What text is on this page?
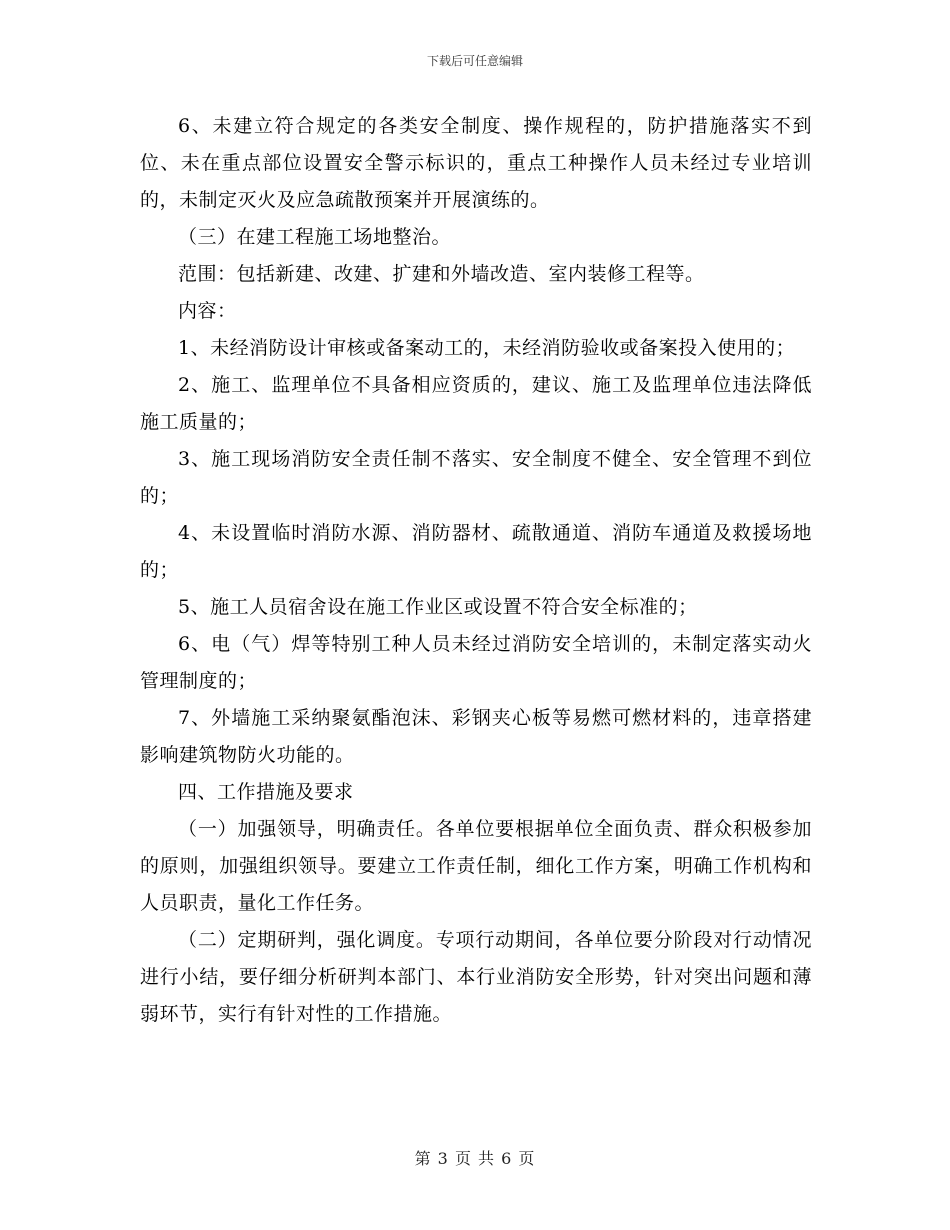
下载后可任意编辑

6、未建立符合规定的各类安全制度、操作规程的，防护措施落实不到位、未在重点部位设置安全警示标识的，重点工种操作人员未经过专业培训的，未制定灭火及应急疏散预案并开展演练的。

（三）在建工程施工场地整治。

范围：包括新建、改建、扩建和外墙改造、室内装修工程等。

内容：

1、未经消防设计审核或备案动工的，未经消防验收或备案投入使用的；

2、施工、监理单位不具备相应资质的，建议、施工及监理单位违法降低施工质量的；

3、施工现场消防安全责任制不落实、安全制度不健全、安全管理不到位的；

4、未设置临时消防水源、消防器材、疏散通道、消防车通道及救援场地的；

5、施工人员宿舍设在施工作业区或设置不符合安全标准的；

6、电（气）焊等特别工种人员未经过消防安全培训的，未制定落实动火管理制度的；

7、外墙施工采纳聚氨酯泡沫、彩钢夹心板等易燃可燃材料的，违章搭建影响建筑物防火功能的。

四、工作措施及要求

（一）加强领导，明确责任。各单位要根据单位全面负责、群众积极参加的原则，加强组织领导。要建立工作责任制，细化工作方案，明确工作机构和人员职责，量化工作任务。

（二）定期研判，强化调度。专项行动期间，各单位要分阶段对行动情况进行小结，要仔细分析研判本部门、本行业消防安全形势，针对突出问题和薄弱环节，实行有针对性的工作措施。

第 3 页 共 6 页
